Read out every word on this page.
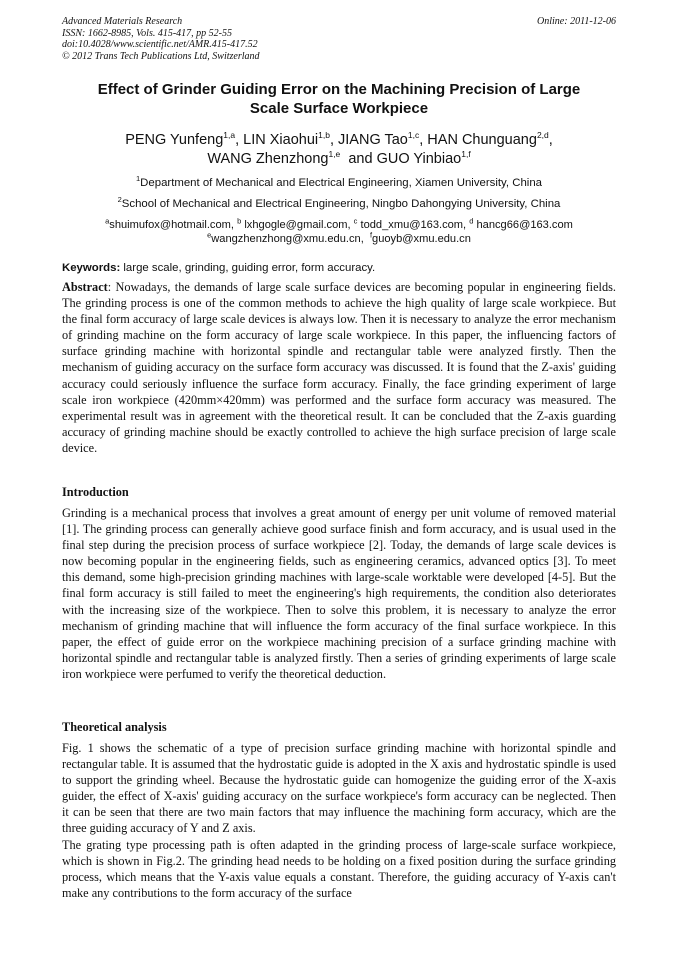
Advanced Materials Research
ISSN: 1662-8985, Vols. 415-417, pp 52-55
doi:10.4028/www.scientific.net/AMR.415-417.52
© 2012 Trans Tech Publications Ltd, Switzerland
Online: 2011-12-06
Effect of Grinder Guiding Error on the Machining Precision of Large
Scale Surface Workpiece
PENG Yunfeng$^{1,a}$, LIN Xiaohui$^{1,b}$, JIANG Tao$^{1,c}$, HAN Chunguang$^{2,d}$,
WANG Zhenzhong$^{1,e}$ and GUO Yinbiao$^{1,f}$
$^1$Department of Mechanical and Electrical Engineering, Xiamen University, China
$^2$School of Mechanical and Electrical Engineering, Ningbo Dahongying University, China
$^a$shuimufox@hotmail.com, $^b$ lxhgogle@gmail.com, $^c$ todd_xmu@163.com, $^d$ hancg66@163.com
$^e$wangzhenzhong@xmu.edu.cn, $^f$guoyb@xmu.edu.cn
Keywords: large scale, grinding, guiding error, form accuracy.
Abstract: Nowadays, the demands of large scale surface devices are becoming popular in engineering fields. The grinding process is one of the common methods to achieve the high quality of large scale workpiece. But the final form accuracy of large scale devices is always low. Then it is necessary to analyze the error mechanism of grinding machine on the form accuracy of large scale workpiece. In this paper, the influencing factors of surface grinding machine with horizontal spindle and rectangular table were analyzed firstly. Then the mechanism of guiding accuracy on the surface form accuracy was discussed. It is found that the Z-axis' guiding accuracy could seriously influence the surface form accuracy. Finally, the face grinding experiment of large scale iron workpiece (420mm×420mm) was performed and the surface form accuracy was measured. The experimental result was in agreement with the theoretical result. It can be concluded that the Z-axis guarding accuracy of grinding machine should be exactly controlled to achieve the high surface precision of large scale device.
Introduction
Grinding is a mechanical process that involves a great amount of energy per unit volume of removed material [1]. The grinding process can generally achieve good surface finish and form accuracy, and is usual used in the final step during the precision process of surface workpiece [2]. Today, the demands of large scale devices is now becoming popular in the engineering fields, such as engineering ceramics, advanced optics [3]. To meet this demand, some high-precision grinding machines with large-scale worktable were developed [4-5]. But the final form accuracy is still failed to meet the engineering's high requirements, the condition also deteriorates with the increasing size of the workpiece. Then to solve this problem, it is necessary to analyze the error mechanism of grinding machine that will influence the form accuracy of the final surface workpiece. In this paper, the effect of guide error on the workpiece machining precision of a surface grinding machine with horizontal spindle and rectangular table is analyzed firstly. Then a series of grinding experiments of large scale iron workpiece were perfumed to verify the theoretical deduction.
Theoretical analysis
Fig. 1 shows the schematic of a type of precision surface grinding machine with horizontal spindle and rectangular table. It is assumed that the hydrostatic guide is adopted in the X axis and hydrostatic spindle is used to support the grinding wheel. Because the hydrostatic guide can homogenize the guiding error of the X-axis guider, the effect of X-axis' guiding accuracy on the surface workpiece's form accuracy can be neglected. Then it can be seen that there are two main factors that may influence the machining form accuracy, which are the three guiding accuracy of Y and Z axis.
The grating type processing path is often adapted in the grinding process of large-scale surface workpiece, which is shown in Fig.2. The grinding head needs to be holding on a fixed position during the surface grinding process, which means that the Y-axis value equals a constant. Therefore, the guiding accuracy of Y-axis can't make any contributions to the form accuracy of the surface
